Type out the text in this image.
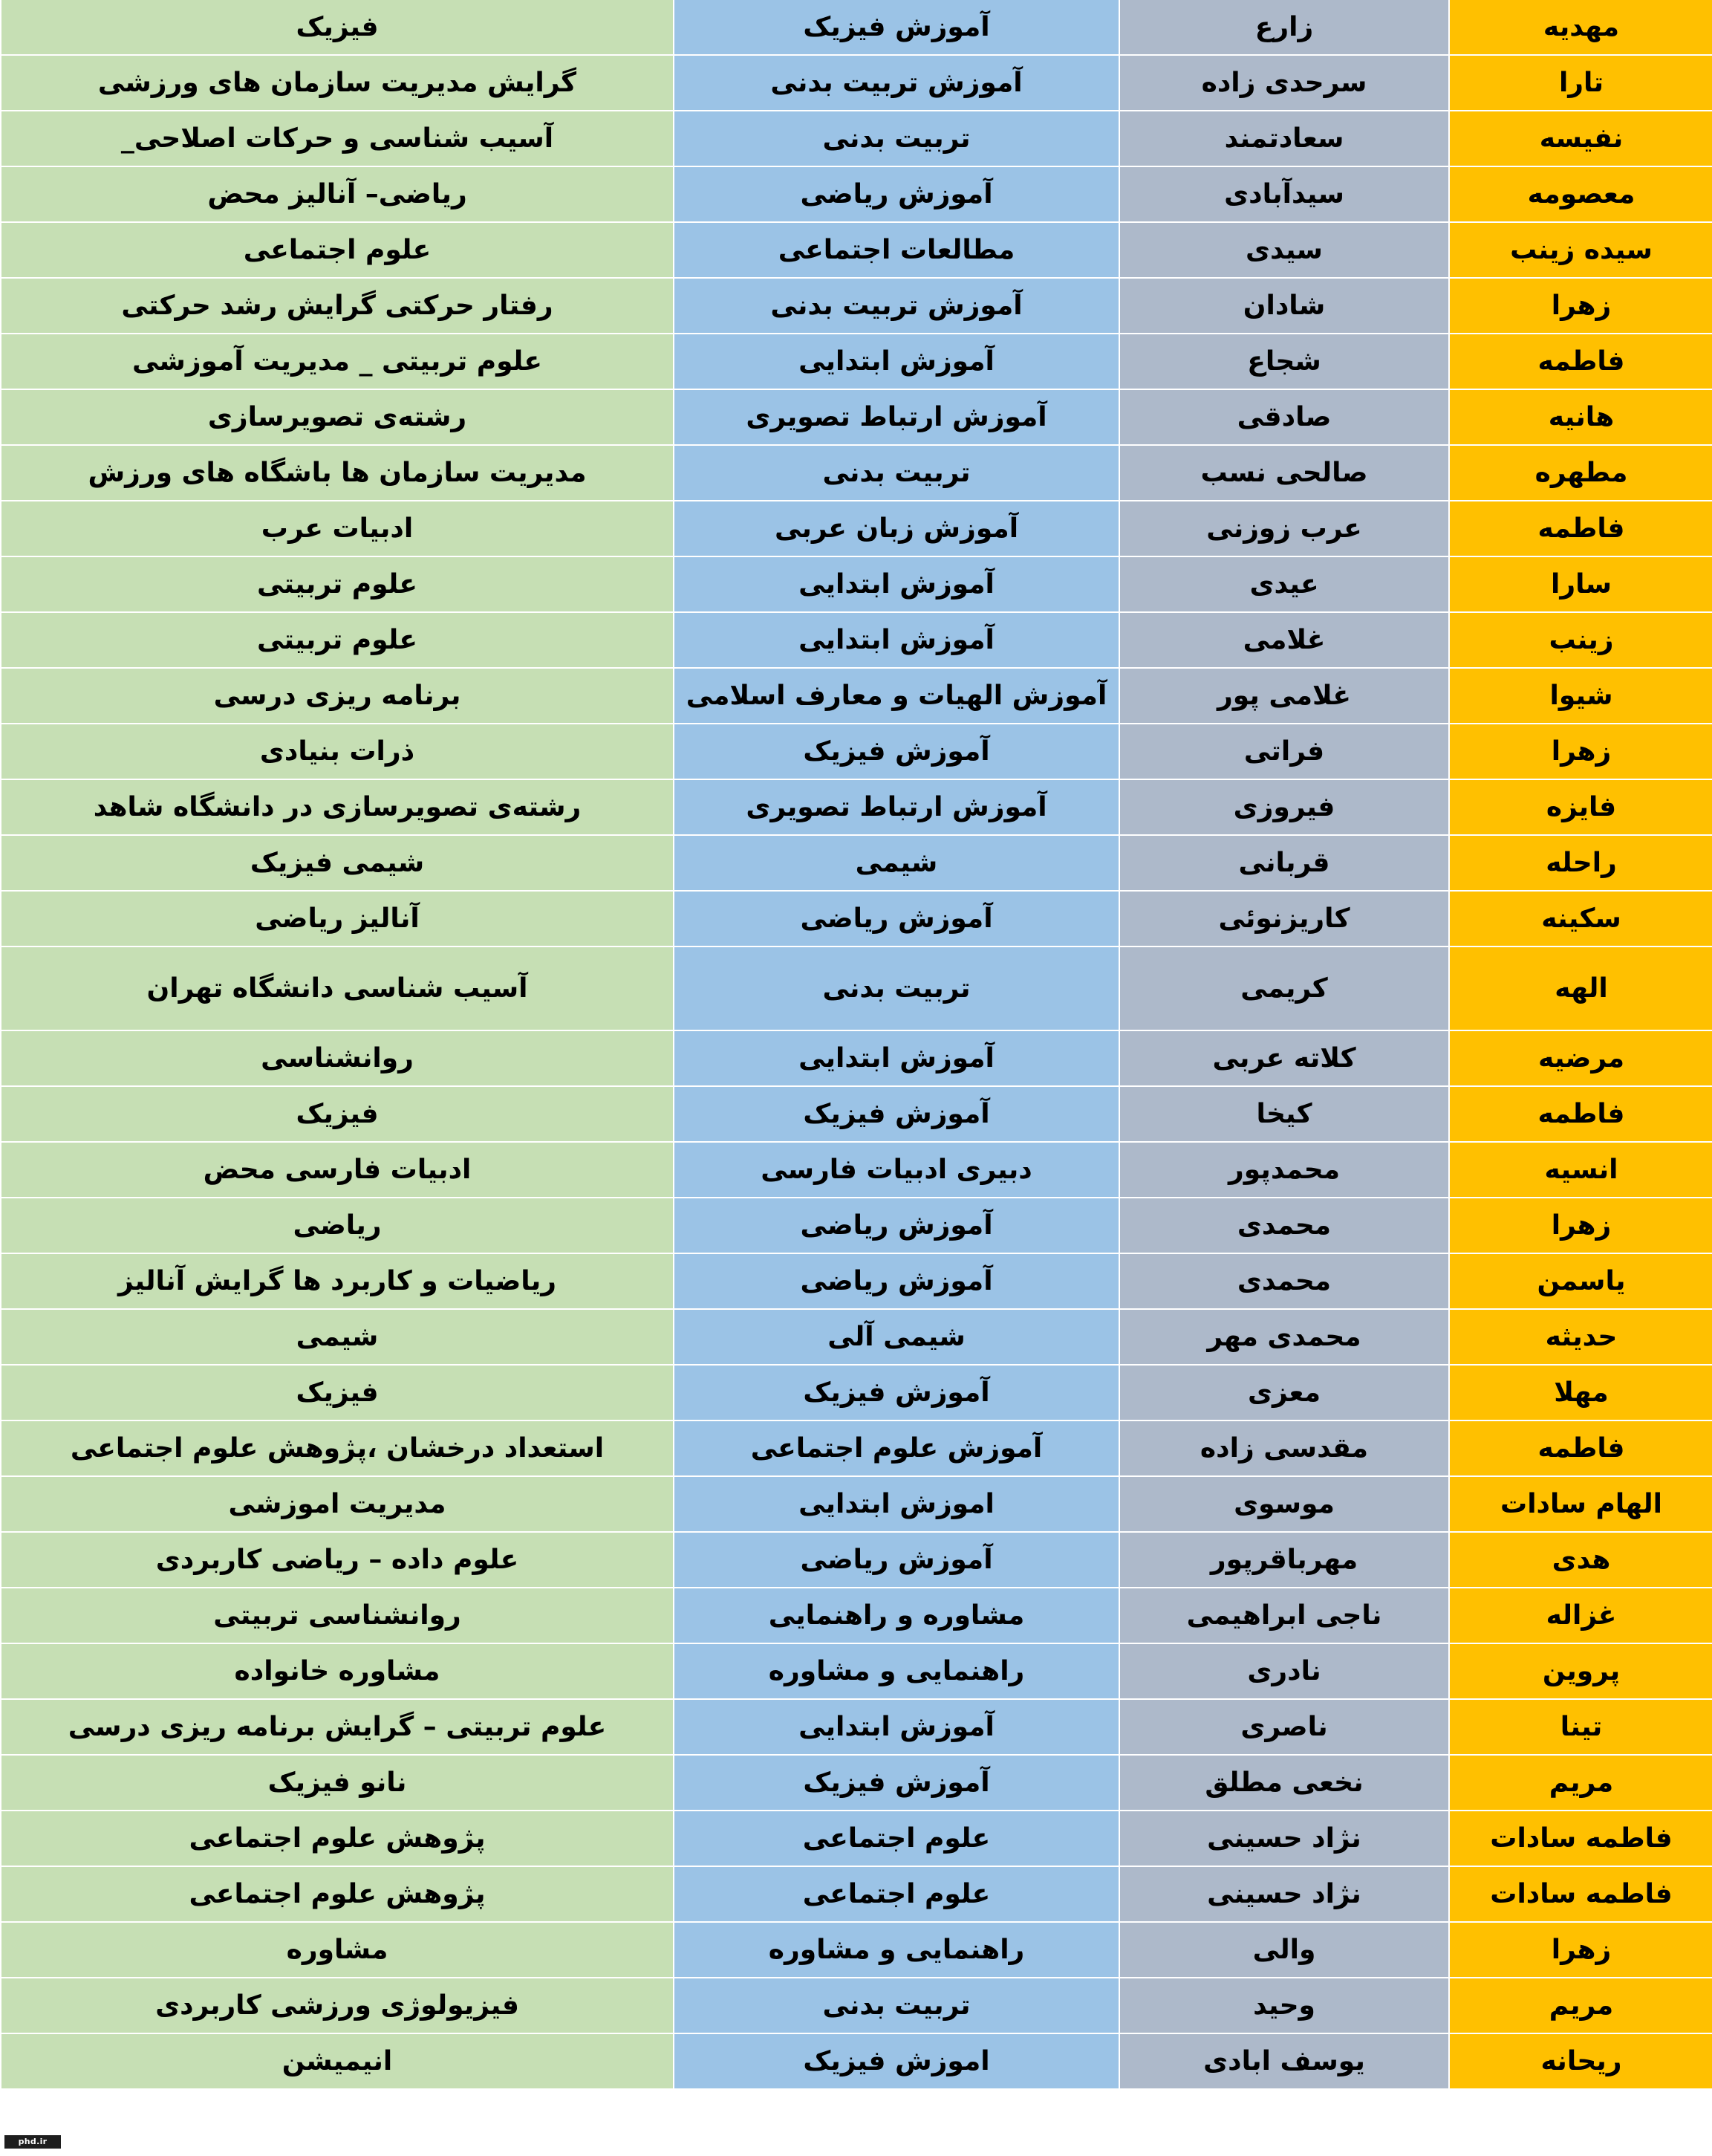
فیزیک	آموزش فیزیک	زارع	مهدیه
گرایش مدیریت سازمان های ورزشی	آموزش تربیت بدنی	سرحدی زاده	تارا
آسیب شناسی و حرکات اصلاحی_	تربیت بدنی	سعادتمند	نفیسه
ریاضی– آنالیز محض	آموزش ریاضی	سیدآبادی	معصومه
علوم اجتماعی	مطالعات اجتماعی	سیدی	سیده زینب
رفتار حرکتی گرایش رشد حرکتی	آموزش تربیت بدنی	شادان	زهرا
علوم تربیتی _ مدیریت آموزشی	آموزش ابتدایی	شجاع	فاطمه
رشته‌ی تصویرسازی	آموزش ارتباط تصویری	صادقی	هانیه
مدیریت سازمان ها باشگاه های ورزش	تربیت بدنی	صالحی نسب	مطهره
ادبیات عرب	آموزش زبان عربی	عرب زوزنی	فاطمه
علوم تربیتی	آموزش ابتدایی	عیدی	سارا
علوم تربیتی	آموزش ابتدایی	غلامی	زینب
برنامه ریزی درسی	آموزش الهیات و معارف اسلامی	غلامی پور	شیوا
ذرات بنیادی	آموزش فیزیک	فراتی	زهرا
رشته‌ی تصویرسازی در دانشگاه شاهد	آموزش ارتباط تصویری	فیروزی	فایزه
شیمی فیزیک	شیمی	قربانی	راحله
آنالیز ریاضی	آموزش ریاضی	کاریزنوئی	سکینه
آسیب شناسی دانشگاه تهران	تربیت بدنی	کریمی	الهه
روانشناسی	آموزش ابتدایی	کلاته عربی	مرضیه
فیزیک	آموزش فیزیک	کیخا	فاطمه
ادبیات فارسی محض	دبیری ادبیات فارسی	محمدپور	انسیه
ریاضی	آموزش ریاضی	محمدی	زهرا
ریاضیات و کاربرد ها گرایش آنالیز	آموزش ریاضی	محمدی	یاسمن
شیمی	شیمی آلی	محمدی مهر	حدیثه
فیزیک	آموزش فیزیک	معزی	مهلا
استعداد درخشان ،پژوهش علوم اجتماعی	آموزش علوم اجتماعی	مقدسی زاده	فاطمه
مدیریت اموزشی	اموزش ابتدایی	موسوی	الهام سادات
علوم داده – ریاضی کاربردی	آموزش ریاضی	مهرباقرپور	هدی
روانشناسی تربیتی	مشاوره و راهنمایی	ناجی ابراهیمی	غزاله
مشاوره خانواده	راهنمایی و مشاوره	نادری	پروین
علوم تربیتی – گرایش برنامه ریزی درسی	آموزش ابتدایی	ناصری	تینا
نانو فیزیک	آموزش فیزیک	نخعی مطلق	مریم
پژوهش علوم اجتماعی	علوم اجتماعی	نژاد حسینی	فاطمه سادات
پژوهش علوم اجتماعی	علوم اجتماعی	نژاد حسینی	فاطمه سادات
مشاوره	راهنمایی و مشاوره	والی	زهرا
فیزیولوژی ورزشی کاربردی	تربیت بدنی	وحید	مریم
انیمیشن	اموزش فیزیک	یوسف ابادی	ریحانه
phd.ir
